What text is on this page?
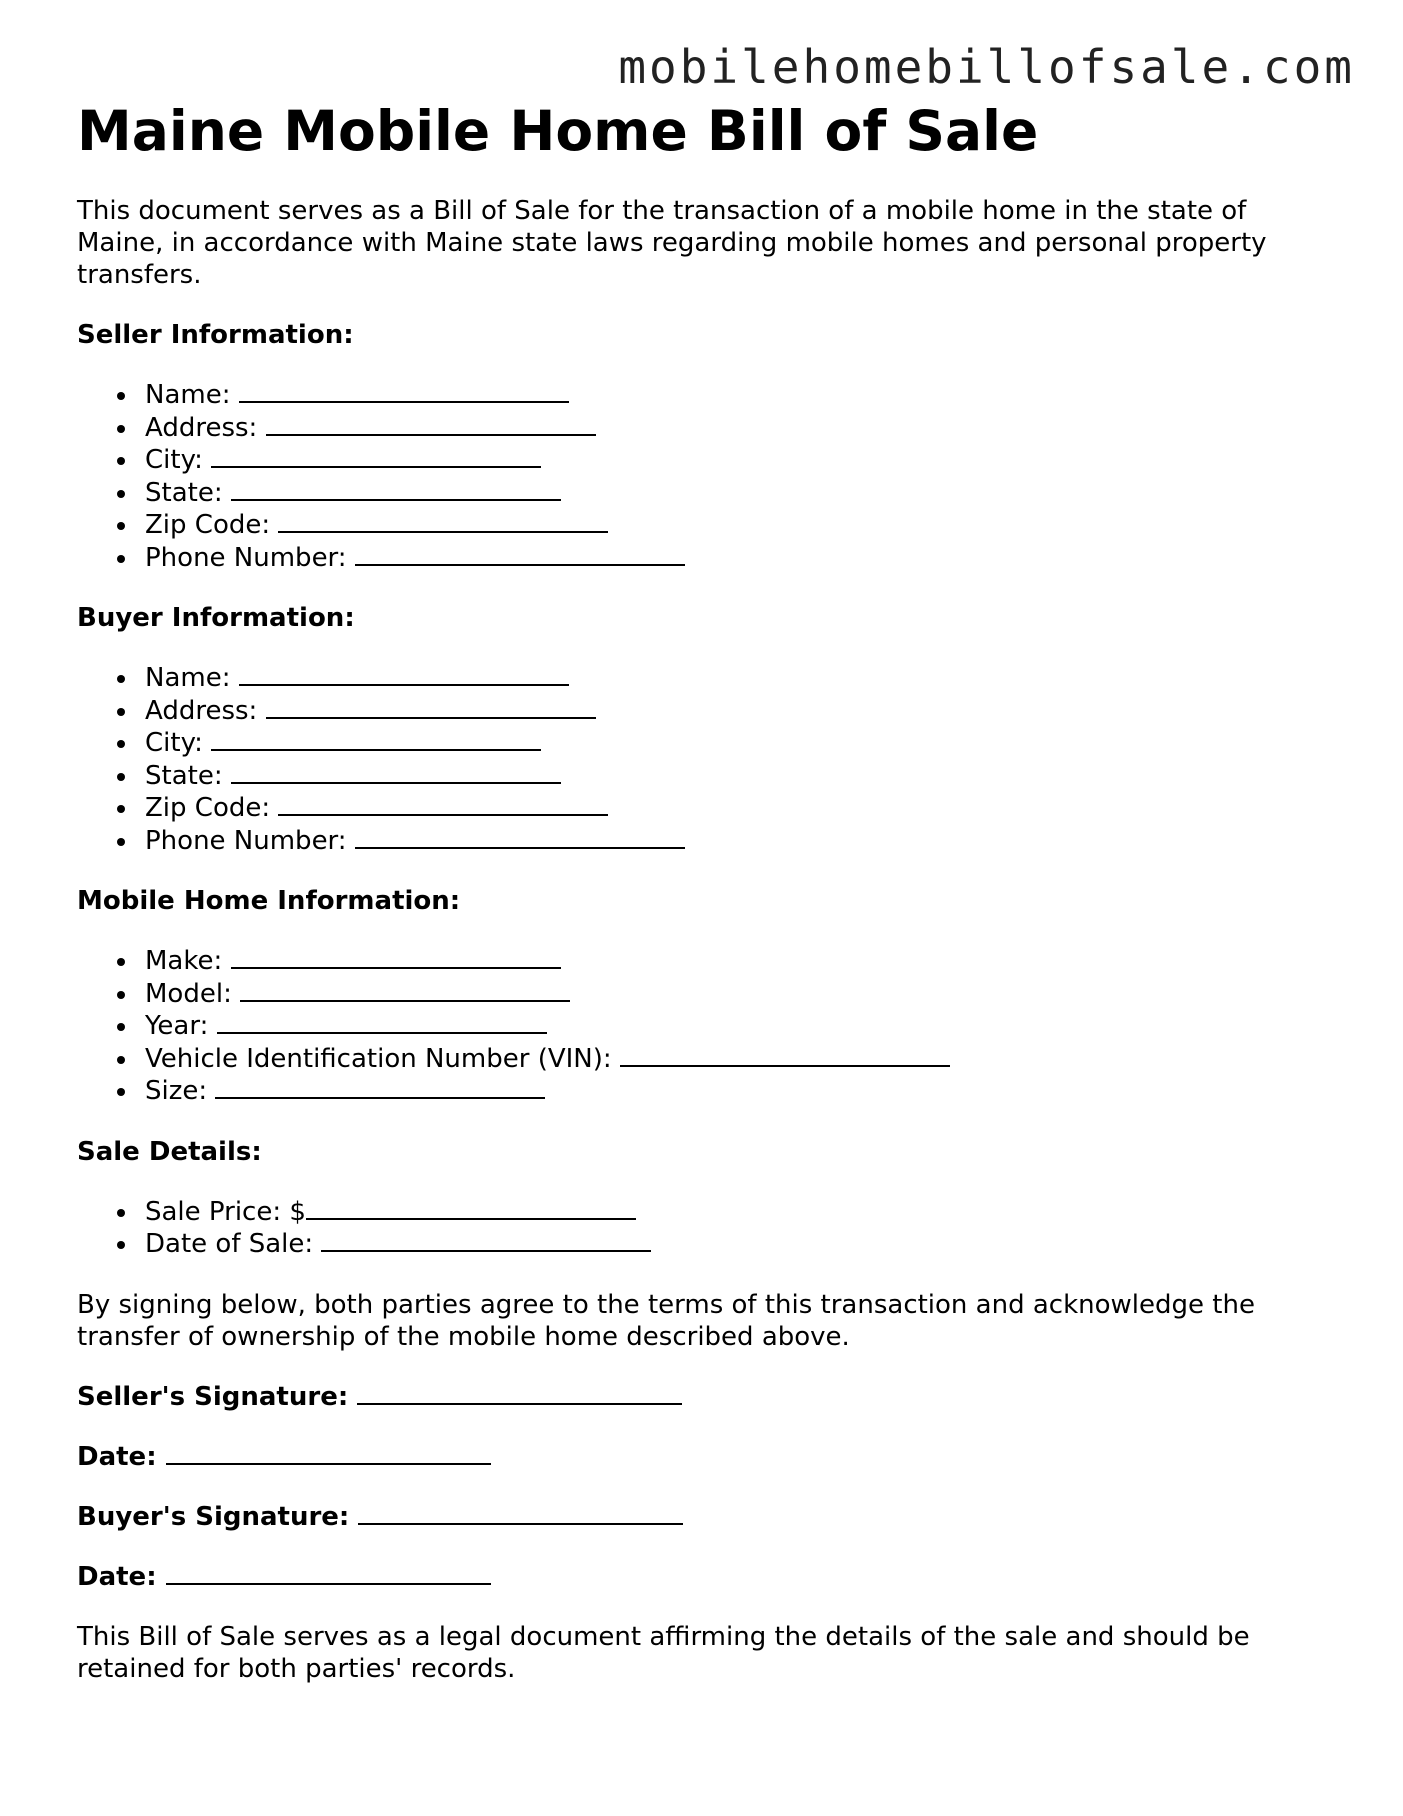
mobilehomebillofsale.com
Maine Mobile Home Bill of Sale

This document serves as a Bill of Sale for the transaction of a mobile home in the state of Maine, in accordance with Maine state laws regarding mobile homes and personal property transfers.

Seller Information:
Name:
Address:
City:
State:
Zip Code:
Phone Number:
Buyer Information:
Name:
Address:
City:
State:
Zip Code:
Phone Number:
Mobile Home Information:
Make:
Model:
Year:
Vehicle Identification Number (VIN):
Size:
Sale Details:
Sale Price: $
Date of Sale:

By signing below, both parties agree to the terms of this transaction and acknowledge the transfer of ownership of the mobile home described above.

Seller's Signature:
Date:
Buyer's Signature:
Date:

This Bill of Sale serves as a legal document affirming the details of the sale and should be retained for both parties' records.
